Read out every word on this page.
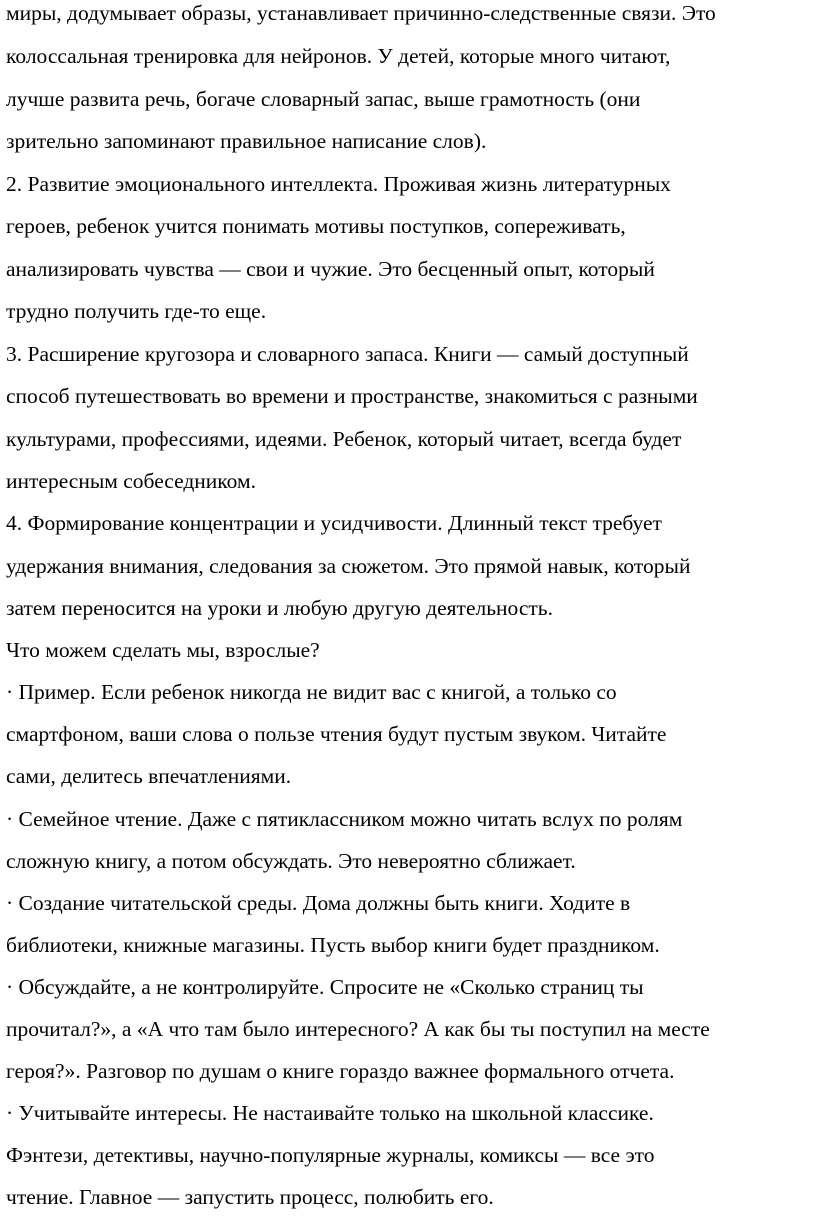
миры, додумывает образы, устанавливает причинно-следственные связи. Это
колоссальная тренировка для нейронов. У детей, которые много читают,
лучше развита речь, богаче словарный запас, выше грамотность (они
зрительно запоминают правильное написание слов).
2. Развитие эмоционального интеллекта. Проживая жизнь литературных
героев, ребенок учится понимать мотивы поступков, сопереживать,
анализировать чувства — свои и чужие. Это бесценный опыт, который
трудно получить где-то еще.
3. Расширение кругозора и словарного запаса. Книги — самый доступный
способ путешествовать во времени и пространстве, знакомиться с разными
культурами, профессиями, идеями. Ребенок, который читает, всегда будет
интересным собеседником.
4. Формирование концентрации и усидчивости. Длинный текст требует
удержания внимания, следования за сюжетом. Это прямой навык, который
затем переносится на уроки и любую другую деятельность.
Что можем сделать мы, взрослые?
· Пример. Если ребенок никогда не видит вас с книгой, а только со
смартфоном, ваши слова о пользе чтения будут пустым звуком. Читайте
сами, делитесь впечатлениями.
· Семейное чтение. Даже с пятиклассником можно читать вслух по ролям
сложную книгу, а потом обсуждать. Это невероятно сближает.
· Создание читательской среды. Дома должны быть книги. Ходите в
библиотеки, книжные магазины. Пусть выбор книги будет праздником.
· Обсуждайте, а не контролируйте. Спросите не «Сколько страниц ты
прочитал?», а «А что там было интересного? А как бы ты поступил на месте
героя?». Разговор по душам о книге гораздо важнее формального отчета.
· Учитывайте интересы. Не настаивайте только на школьной классике.
Фэнтези, детективы, научно-популярные журналы, комиксы — все это
чтение. Главное — запустить процесс, полюбить его.
